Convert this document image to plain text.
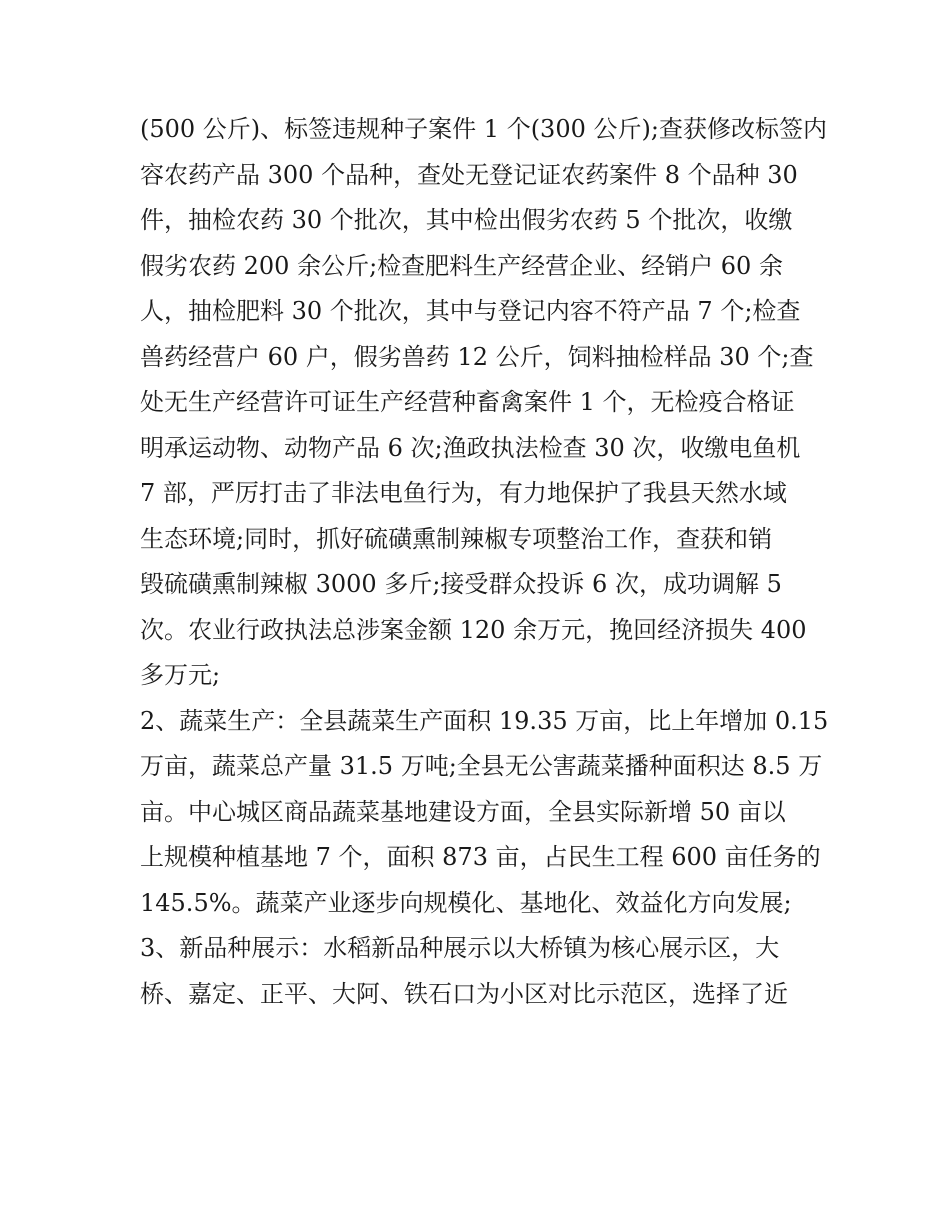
(500 公斤)、标签违规种子案件 1 个(300 公斤);查获修改标签内
容农药产品 300 个品种，查处无登记证农药案件 8 个品种 30
件，抽检农药 30 个批次，其中检出假劣农药 5 个批次，收缴
假劣农药 200 余公斤;检查肥料生产经营企业、经销户 60 余
人，抽检肥料 30 个批次，其中与登记内容不符产品 7 个;检查
兽药经营户 60 户，假劣兽药 12 公斤，饲料抽检样品 30 个;查
处无生产经营许可证生产经营种畜禽案件 1 个，无检疫合格证
明承运动物、动物产品 6 次;渔政执法检查 30 次，收缴电鱼机
7 部，严厉打击了非法电鱼行为，有力地保护了我县天然水域
生态环境;同时，抓好硫磺熏制辣椒专项整治工作，查获和销
毁硫磺熏制辣椒 3000 多斤;接受群众投诉 6 次，成功调解 5
次。农业行政执法总涉案金额 120 余万元，挽回经济损失 400
多万元;
2、蔬菜生产：全县蔬菜生产面积 19.35 万亩，比上年增加 0.15
万亩，蔬菜总产量 31.5 万吨;全县无公害蔬菜播种面积达 8.5 万
亩。中心城区商品蔬菜基地建设方面，全县实际新增 50 亩以
上规模种植基地 7 个，面积 873 亩，占民生工程 600 亩任务的
145.5%。蔬菜产业逐步向规模化、基地化、效益化方向发展;
3、新品种展示：水稻新品种展示以大桥镇为核心展示区，大
桥、嘉定、正平、大阿、铁石口为小区对比示范区，选择了近
